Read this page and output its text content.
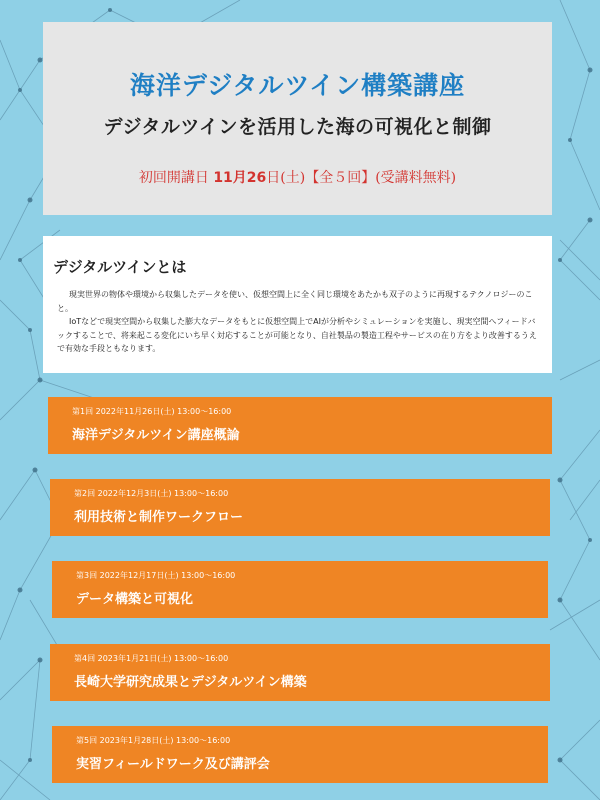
海洋デジタルツイン構築講座
デジタルツインを活用した海の可視化と制御
初回開講日 11月26日(土)【全５回】(受講料無料)
デジタルツインとは

現実世界の物体や環境から収集したデータを使い、仮想空間上に全く同じ環境をあたかも双子のように再現するテクノロジーのこと。

IoTなどで現実空間から収集した膨大なデータをもとに仮想空間上でAIが分析やシミュレーションを実施し、現実空間へフィードバックすることで、将来起こる変化にいち早く対応することが可能となり、自社製品の製造工程やサービスの在り方をより改善するうえで有効な手段ともなります。

第1回 2022年11月26日(土) 13:00〜16:00
海洋デジタルツイン講座概論
第2回 2022年12月3日(土) 13:00〜16:00
利用技術と制作ワークフロー
第3回 2022年12月17日(土) 13:00〜16:00
データ構築と可視化
第4回 2023年1月21日(土) 13:00〜16:00
長崎大学研究成果とデジタルツイン構築
第5回 2023年1月28日(土) 13:00〜16:00
実習フィールドワーク及び講評会
